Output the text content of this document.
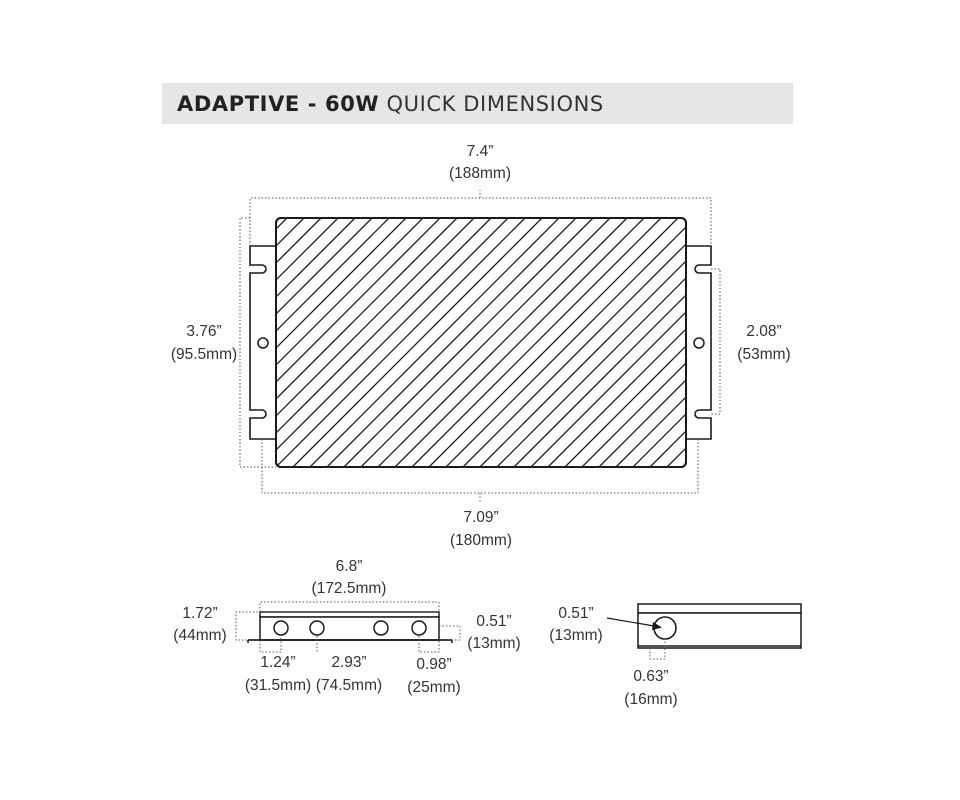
ADAPTIVE - 60W QUICK DIMENSIONS
7.4”
(188mm)
7.09”
(180mm)
3.76”
(95.5mm)
2.08”
(53mm)
6.8”
(172.5mm)
1.72”
(44mm)
0.51”
(13mm)
1.24”
(31.5mm)
2.93”
(74.5mm)
0.98”
(25mm)
0.51”
(13mm)
0.63”
(16mm)
